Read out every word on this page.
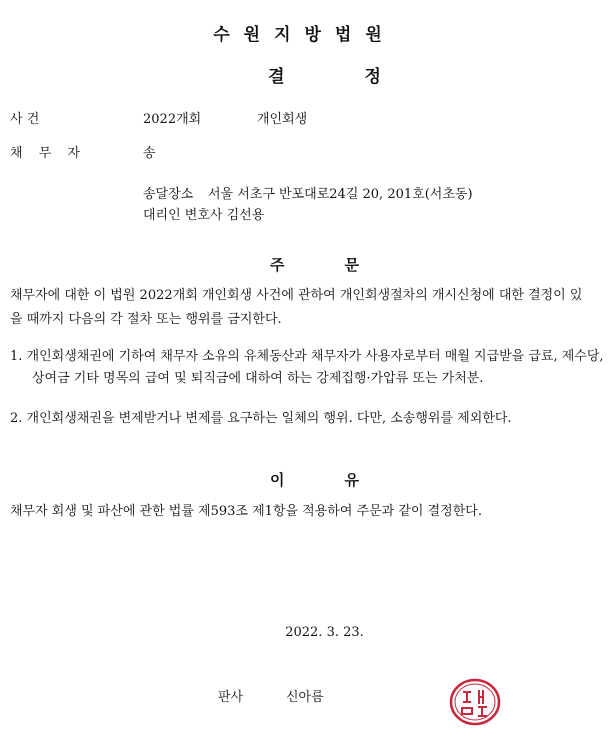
수원지방법원
결정
사 건	2022개회	개인회생
채 무 자	송
송달장소 서울 서초구 반포대로24길 20, 201호(서초동)
대리인 변호사 김선용
주문
채무자에 대한 이 법원 2022개회 개인회생 사건에 관하여 개인회생절차의 개시신청에 대한 결정이 있을 때까지 다음의 각 절차 또는 행위를 금지한다.
1. 개인회생채권에 기하여 채무자 소유의 유체동산과 채무자가 사용자로부터 매월 지급받을 급료, 제수당, 상여금 기타 명목의 급여 및 퇴직금에 대하여 하는 강제집행·가압류 또는 가처분.
2. 개인회생채권을 변제받거나 변제를 요구하는 일체의 행위. 다만, 소송행위를 제외한다.
이유
채무자 회생 및 파산에 관한 법률 제593조 제1항을 적용하여 주문과 같이 결정한다.
2022. 3. 23.
판사	신아름
